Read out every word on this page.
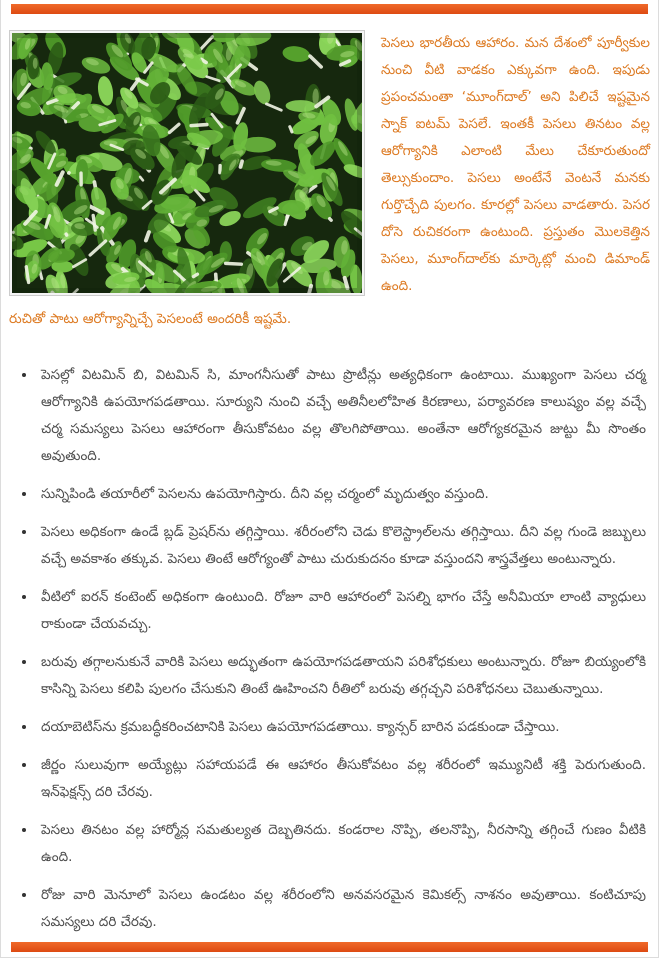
పెసలు భారతీయ ఆహారం. మన దేశంలో పూర్వీకుల నుంచి వీటి వాడకం ఎక్కువగా ఉంది. ఇపుడు ప్రపంచమంతా ‘మూంగ్‌దాల్’ అని పిలిచే ఇష్టమైన స్నాక్ ఐటమ్ పెసలే. ఇంతకీ పెసలు తినటం వల్ల ఆరోగ్యానికి ఎలాంటి మేలు చేకూరుతుందో తెల్సుకుందాం. పెసలు అంటేనే వెంటనే మనకు గుర్తొచ్చేది పులగం. కూరల్లో పెసలు వాడతారు. పెసర దోసె రుచికరంగా ఉంటుంది. ప్రస్తుతం మొలకెత్తిన పెసలు, మూంగ్‌దాల్‌కు మార్కెట్లో మంచి డిమాండ్ ఉంది.

రుచితో పాటు ఆరోగ్యాన్నిచ్చే పెసలంటే అందరికీ ఇష్టమే.

• పెసల్లో విటమిన్ బి, విటమిన్ సి, మాంగనీసుతో పాటు ప్రొటీన్లు అత్యధికంగా ఉంటాయి. ముఖ్యంగా పెసలు చర్మ ఆరోగ్యానికి ఉపయోగపడతాయి. సూర్యుని నుంచి వచ్చే అతినీలలోహిత కిరణాలు, పర్యావరణ కాలుష్యం వల్ల వచ్చే చర్మ సమస్యలు పెసలు ఆహారంగా తీసుకోవటం వల్ల తొలగిపోతాయి. అంతేనా ఆరోగ్యకరమైన జుట్టు మీ సొంతం అవుతుంది.
• సున్నిపిండి తయారీలో పెసలను ఉపయోగిస్తారు. దీని వల్ల చర్మంలో మృదుత్వం వస్తుంది.
• పెసలు అధికంగా ఉండే బ్లడ్ ప్రెషర్‌ను తగ్గిస్తాయి. శరీరంలోని చెడు కొలెస్ట్రాల్‌లను తగ్గిస్తాయి. దీని వల్ల గుండె జబ్బులు వచ్చే అవకాశం తక్కువ. పెసలు తింటే ఆరోగ్యంతో పాటు చురుకుదనం కూడా వస్తుందని శాస్త్రవేత్తలు అంటున్నారు.
• వీటిలో ఐరన్ కంటెంట్ అధికంగా ఉంటుంది. రోజూ వారి ఆహారంలో పెసల్ని భాగం చేస్తే అనీమియా లాంటి వ్యాధులు రాకుండా చేయవచ్చు.
• బరువు తగ్గాలనుకునే వారికి పెసలు అద్భుతంగా ఉపయోగపడతాయని పరిశోధకులు అంటున్నారు. రోజూ బియ్యంలోకి కాసిన్ని పెసలు కలిపి పులగం చేసుకుని తింటే ఊహించని రీతిలో బరువు తగ్గచ్చని పరిశోధనలు చెబుతున్నాయి.
• దయాబెటిస్‌ను క్రమబద్ధీకరించటానికి పెసలు ఉపయోగపడతాయి. క్యాన్సర్ బారిన పడకుండా చేస్తాయి.
• జీర్ణం సులువుగా అయ్యేట్లు సహాయపడే ఈ ఆహారం తీసుకోవటం వల్ల శరీరంలో ఇమ్యునిటీ శక్తి పెరుగుతుంది. ఇన్‌ఫెక్షన్స్ దరి చేరవు.
• పెసలు తినటం వల్ల హార్మోన్ల సమతుల్యత దెబ్బతినదు. కండరాల నొప్పి, తలనొప్పి, నీరసాన్ని తగ్గించే గుణం వీటికి ఉంది.
• రోజు వారి మెనూలో పెసలు ఉండటం వల్ల శరీరంలోని అనవసరమైన కెమికల్స్ నాశనం అవుతాయి. కంటిచూపు సమస్యలు దరి చేరవు.
